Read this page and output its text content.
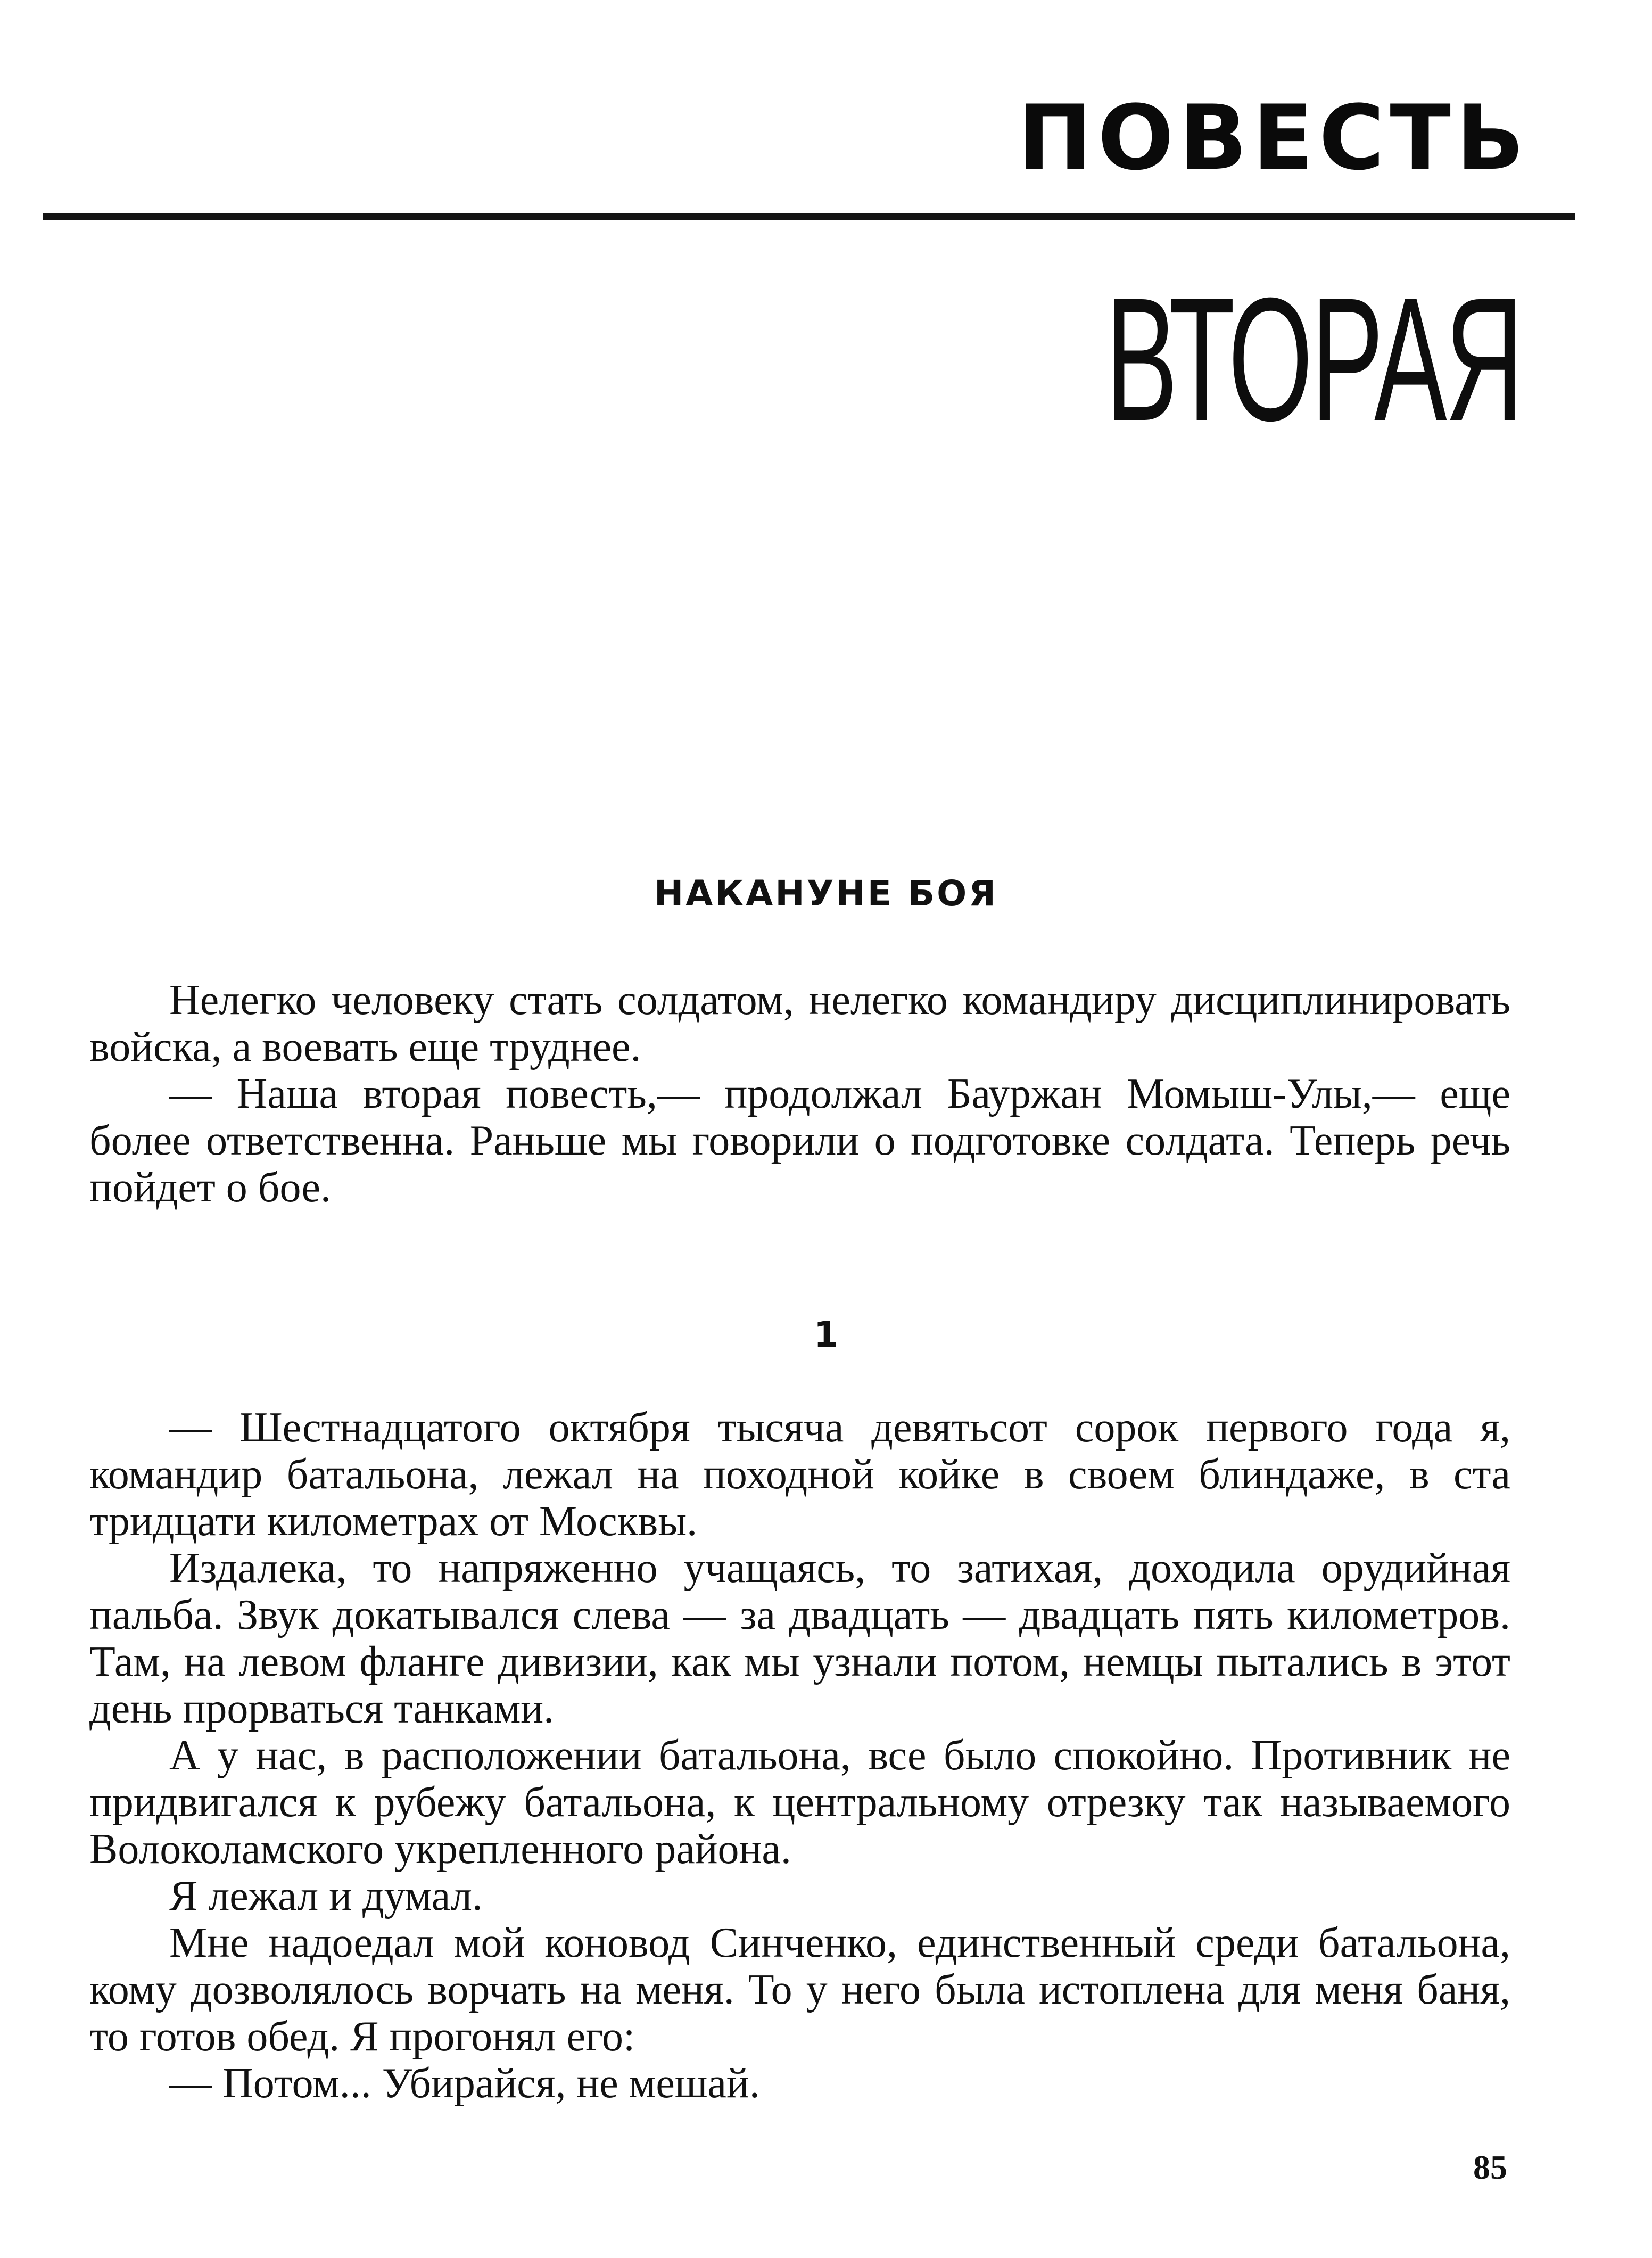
ПОВЕСТЬ
ВТОРАЯ
НАКАНУНЕ БОЯ

Нелегко человеку стать солдатом, нелегко командиру дисциплинировать войска, а воевать еще труднее.

— Наша вторая повесть,— продолжал Бауржан Момыш-Улы,— еще более ответственна. Раньше мы говорили о подготовке солдата. Теперь речь пойдет о бое.

1

— Шестнадцатого октября тысяча девятьсот сорок первого года я, командир батальона, лежал на походной койке в своем блиндаже, в ста тридцати километрах от Москвы.

Издалека, то напряженно учащаясь, то затихая, доходила орудийная пальба. Звук докатывался слева — за двадцать — двадцать пять километров. Там, на левом фланге дивизии, как мы узнали потом, немцы пытались в этот день прорваться танками.

А у нас, в расположении батальона, все было спокойно. Противник не придвигался к рубежу батальона, к центральному отрезку так называемого Волоколамского укрепленного района.

Я лежал и думал.

Мне надоедал мой коновод Синченко, единственный среди батальона, кому дозволялось ворчать на меня. То у него была истоплена для меня баня, то готов обед. Я прогонял его:

— Потом... Убирайся, не мешай.

85
